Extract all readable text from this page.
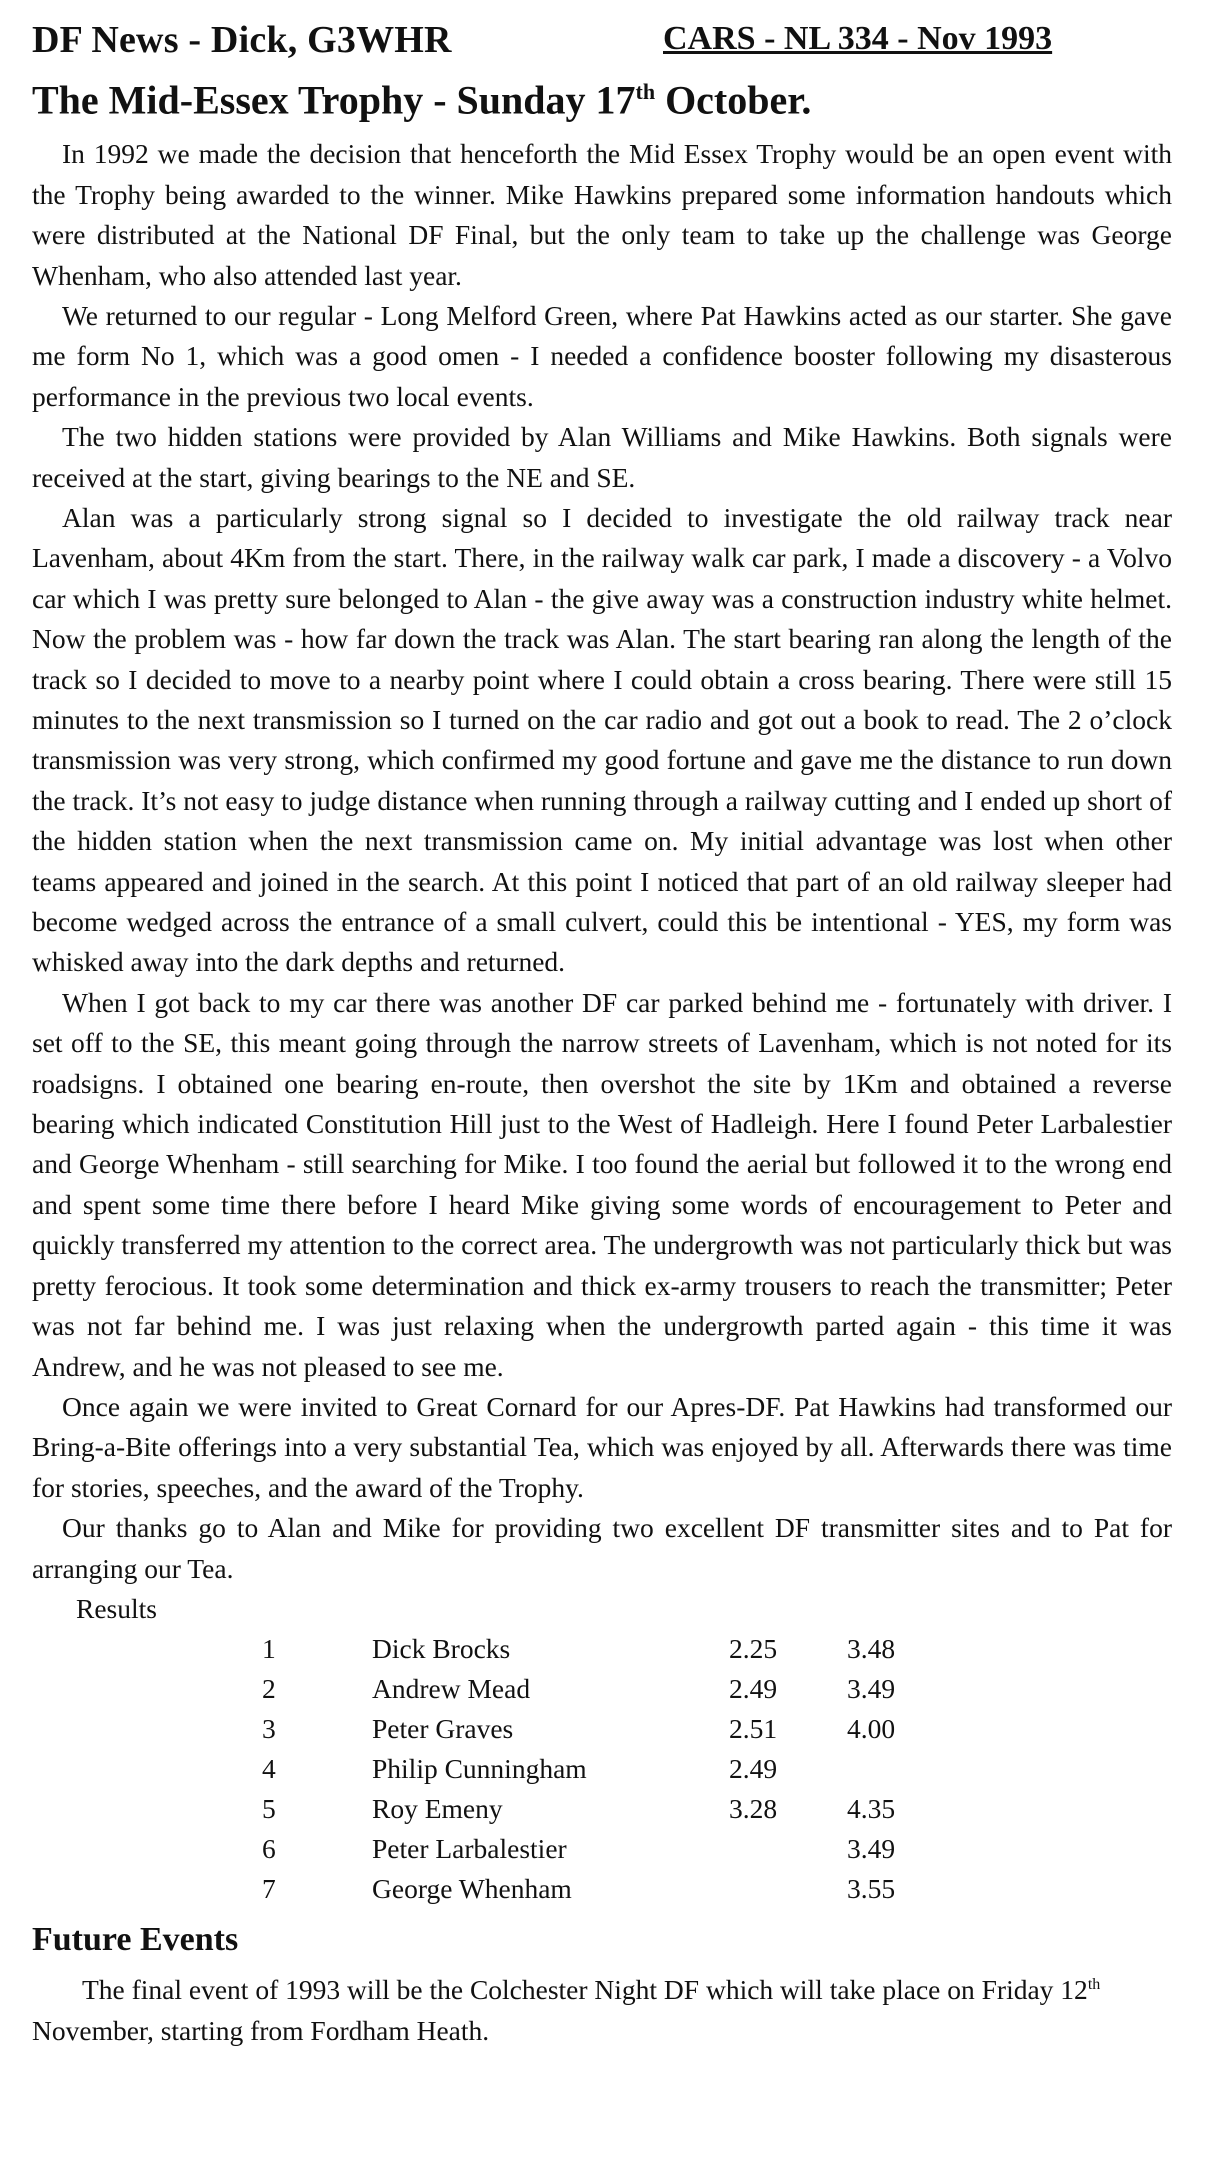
DF News - Dick, G3WHR	CARS - NL 334 - Nov 1993
The Mid-Essex Trophy - Sunday 17th October.

In 1992 we made the decision that henceforth the Mid Essex Trophy would be an open event with the Trophy being awarded to the winner. Mike Hawkins prepared some information handouts which were distributed at the National DF Final, but the only team to take up the challenge was George Whenham, who also attended last year.

We returned to our regular - Long Melford Green, where Pat Hawkins acted as our starter. She gave me form No 1, which was a good omen - I needed a confidence booster following my disasterous performance in the previous two local events.

The two hidden stations were provided by Alan Williams and Mike Hawkins. Both signals were received at the start, giving bearings to the NE and SE.

Alan was a particularly strong signal so I decided to investigate the old railway track near Lavenham, about 4Km from the start. There, in the railway walk car park, I made a discovery - a Volvo car which I was pretty sure belonged to Alan - the give away was a construction industry white helmet. Now the problem was - how far down the track was Alan. The start bearing ran along the length of the track so I decided to move to a nearby point where I could obtain a cross bearing. There were still 15 minutes to the next transmission so I turned on the car radio and got out a book to read. The 2 o’clock transmission was very strong, which confirmed my good fortune and gave me the distance to run down the track. It’s not easy to judge distance when running through a railway cutting and I ended up short of the hidden station when the next transmission came on. My initial advantage was lost when other teams appeared and joined in the search. At this point I noticed that part of an old railway sleeper had become wedged across the entrance of a small culvert, could this be intentional - YES, my form was whisked away into the dark depths and returned.

When I got back to my car there was another DF car parked behind me - fortunately with driver. I set off to the SE, this meant going through the narrow streets of Lavenham, which is not noted for its roadsigns. I obtained one bearing en-route, then overshot the site by 1Km and obtained a reverse bearing which indicated Constitution Hill just to the West of Hadleigh. Here I found Peter Larbalestier and George Whenham - still searching for Mike. I too found the aerial but followed it to the wrong end and spent some time there before I heard Mike giving some words of encouragement to Peter and quickly transferred my attention to the correct area. The undergrowth was not particularly thick but was pretty ferocious. It took some determination and thick ex-army trousers to reach the transmitter; Peter was not far behind me. I was just relaxing when the undergrowth parted again - this time it was Andrew, and he was not pleased to see me.

Once again we were invited to Great Cornard for our Apres-DF. Pat Hawkins had transformed our Bring-a-Bite offerings into a very substantial Tea, which was enjoyed by all. Afterwards there was time for stories, speeches, and the award of the Trophy.

Our thanks go to Alan and Mike for providing two excellent DF transmitter sites and to Pat for arranging our Tea.

Results
1	Dick Brocks	2.25	3.48
2	Andrew Mead	2.49	3.49
3	Peter Graves	2.51	4.00
4	Philip Cunningham	2.49	
5	Roy Emeny	3.28	4.35
6	Peter Larbalestier		3.49
7	George Whenham		3.55
Future Events

The final event of 1993 will be the Colchester Night DF which will take place on Friday 12th November, starting from Fordham Heath.
